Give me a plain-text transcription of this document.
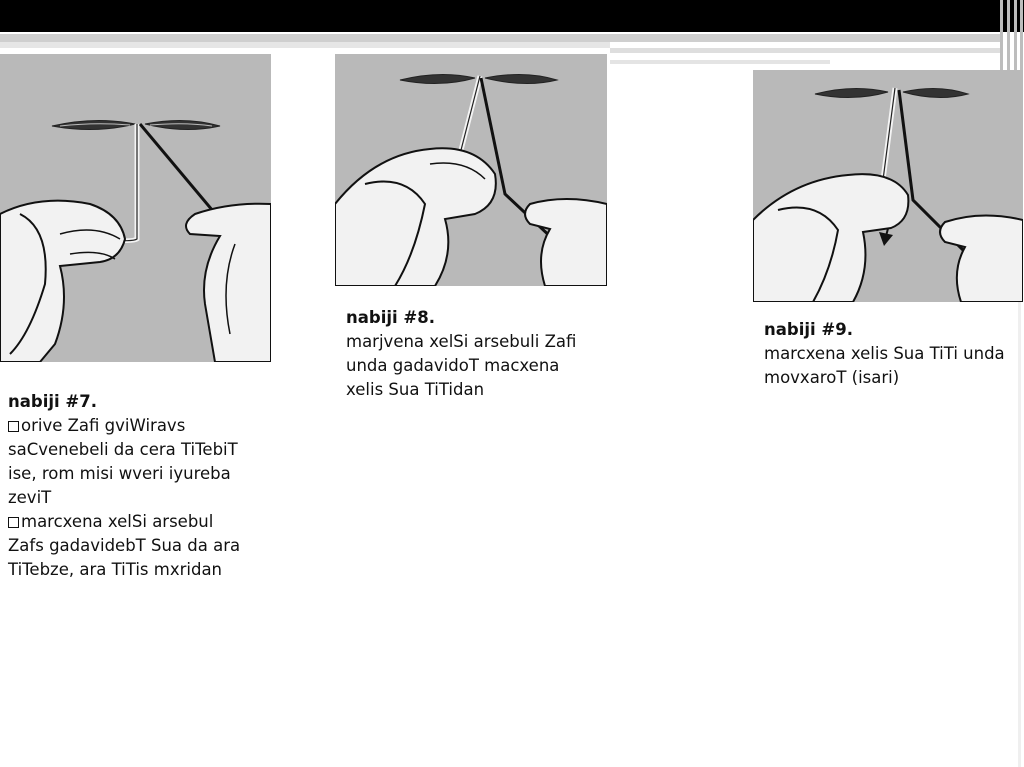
nabiji #7.
orive Zafi gviWiravs
saCvenebeli da cera TiTebiT
ise, rom misi wveri iyureba
zeviT
marcxena xelSi arsebul
Zafs gadavidebT Sua da ara
TiTebze, ara TiTis mxridan
nabiji #8.
marjvena xelSi arsebuli Zafi
unda gadavidoT macxena
xelis Sua TiTidan
nabiji #9.
marcxena xelis Sua TiTi unda
movxaroT (isari)
